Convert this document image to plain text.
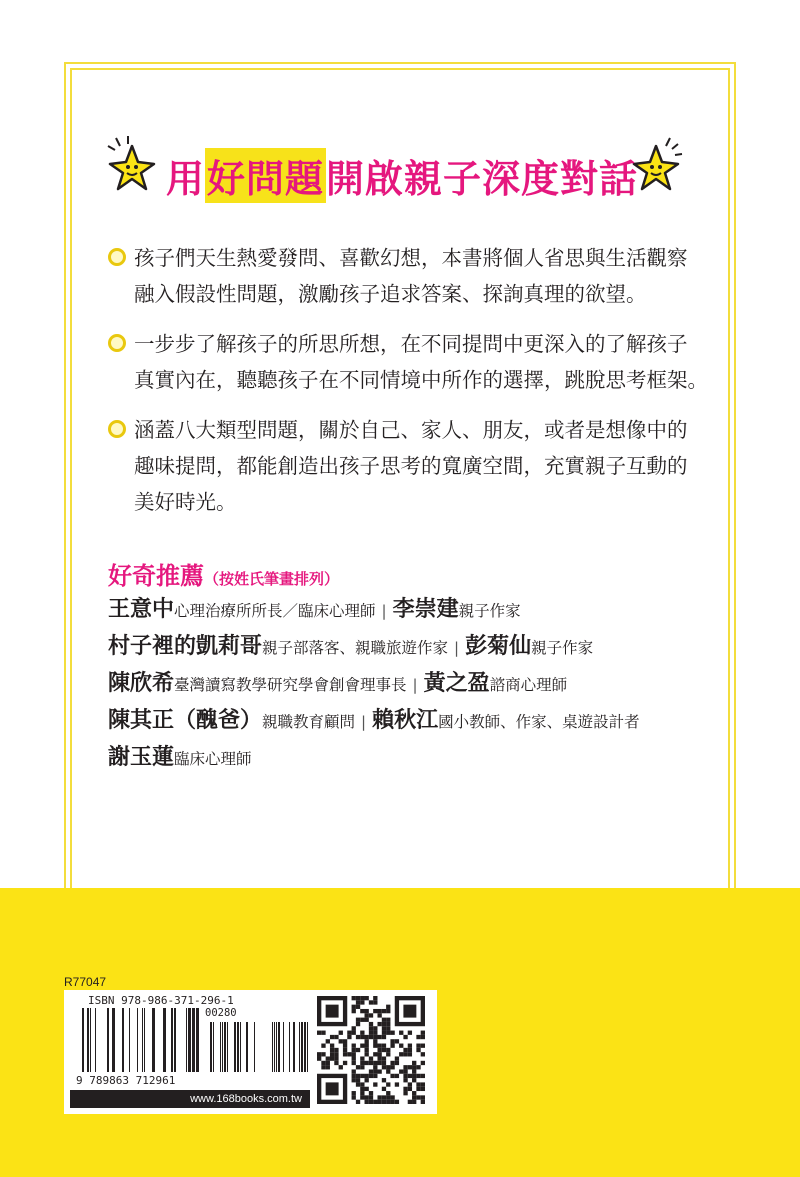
用 好問題 開啟親子深度對話

孩子們天生熱愛發問、喜歡幻想，本書將個人省思與生活觀察

融入假設性問題，激勵孩子追求答案、探詢真理的欲望。

一步步了解孩子的所思所想，在不同提問中更深入的了解孩子

真實內在，聽聽孩子在不同情境中所作的選擇，跳脫思考框架。

涵蓋八大類型問題，關於自己、家人、朋友，或者是想像中的

趣味提問，都能創造出孩子思考的寬廣空間，充實親子互動的

美好時光。

好奇推薦（按姓氏筆畫排列）
王意中 心理治療所所長／臨床心理師 | 李崇建 親子作家
村子裡的凱莉哥 親子部落客、親職旅遊作家 | 彭菊仙 親子作家
陳欣希 臺灣讀寫教學研究學會創會理事長 | 黃之盈 諮商心理師
陳其正（醜爸） 親職教育顧問 | 賴秋江 國小教師、作家、桌遊設計者
謝玉蓮 臨床心理師
R77047
ISBN 978-986-371-296-1
00280
9 789863 712961
www.168books.com.tw
